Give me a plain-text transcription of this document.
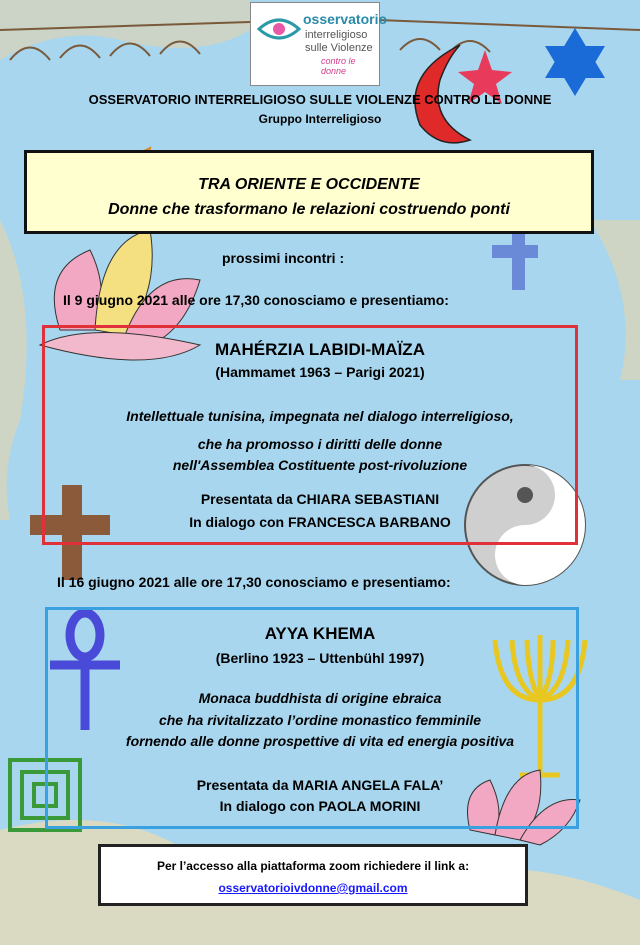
osservatorio
interreligioso
sulle Violenze
contro le donne
OSSERVATORIO INTERRELIGIOSO SULLE VIOLENZE CONTRO LE DONNE
Gruppo Interreligioso
TRA ORIENTE E OCCIDENTE
Donne che trasformano le relazioni costruendo ponti
prossimi incontri :
Il 9 giugno 2021 alle ore 17,30 conosciamo e presentiamo:
MAHÉRZIA LABIDI-MAÏZA
(Hammamet 1963 – Parigi 2021)
Intellettuale tunisina, impegnata nel dialogo interreligioso,
che ha promosso i diritti delle donne
nell'Assemblea Costituente post-rivoluzione
Presentata da CHIARA SEBASTIANI
In dialogo con FRANCESCA BARBANO
Il 16 giugno 2021 alle ore 17,30 conosciamo e presentiamo:
AYYA KHEMA
(Berlino 1923 – Uttenbühl 1997)
Monaca buddhista di origine ebraica
che ha rivitalizzato l’ordine monastico femminile
fornendo alle donne prospettive di vita ed energia positiva
Presentata da MARIA ANGELA FALA’
In dialogo con PAOLA MORINI
Per l’accesso alla piattaforma zoom richiedere il link a:
osservatorioivdonne@gmail.com
